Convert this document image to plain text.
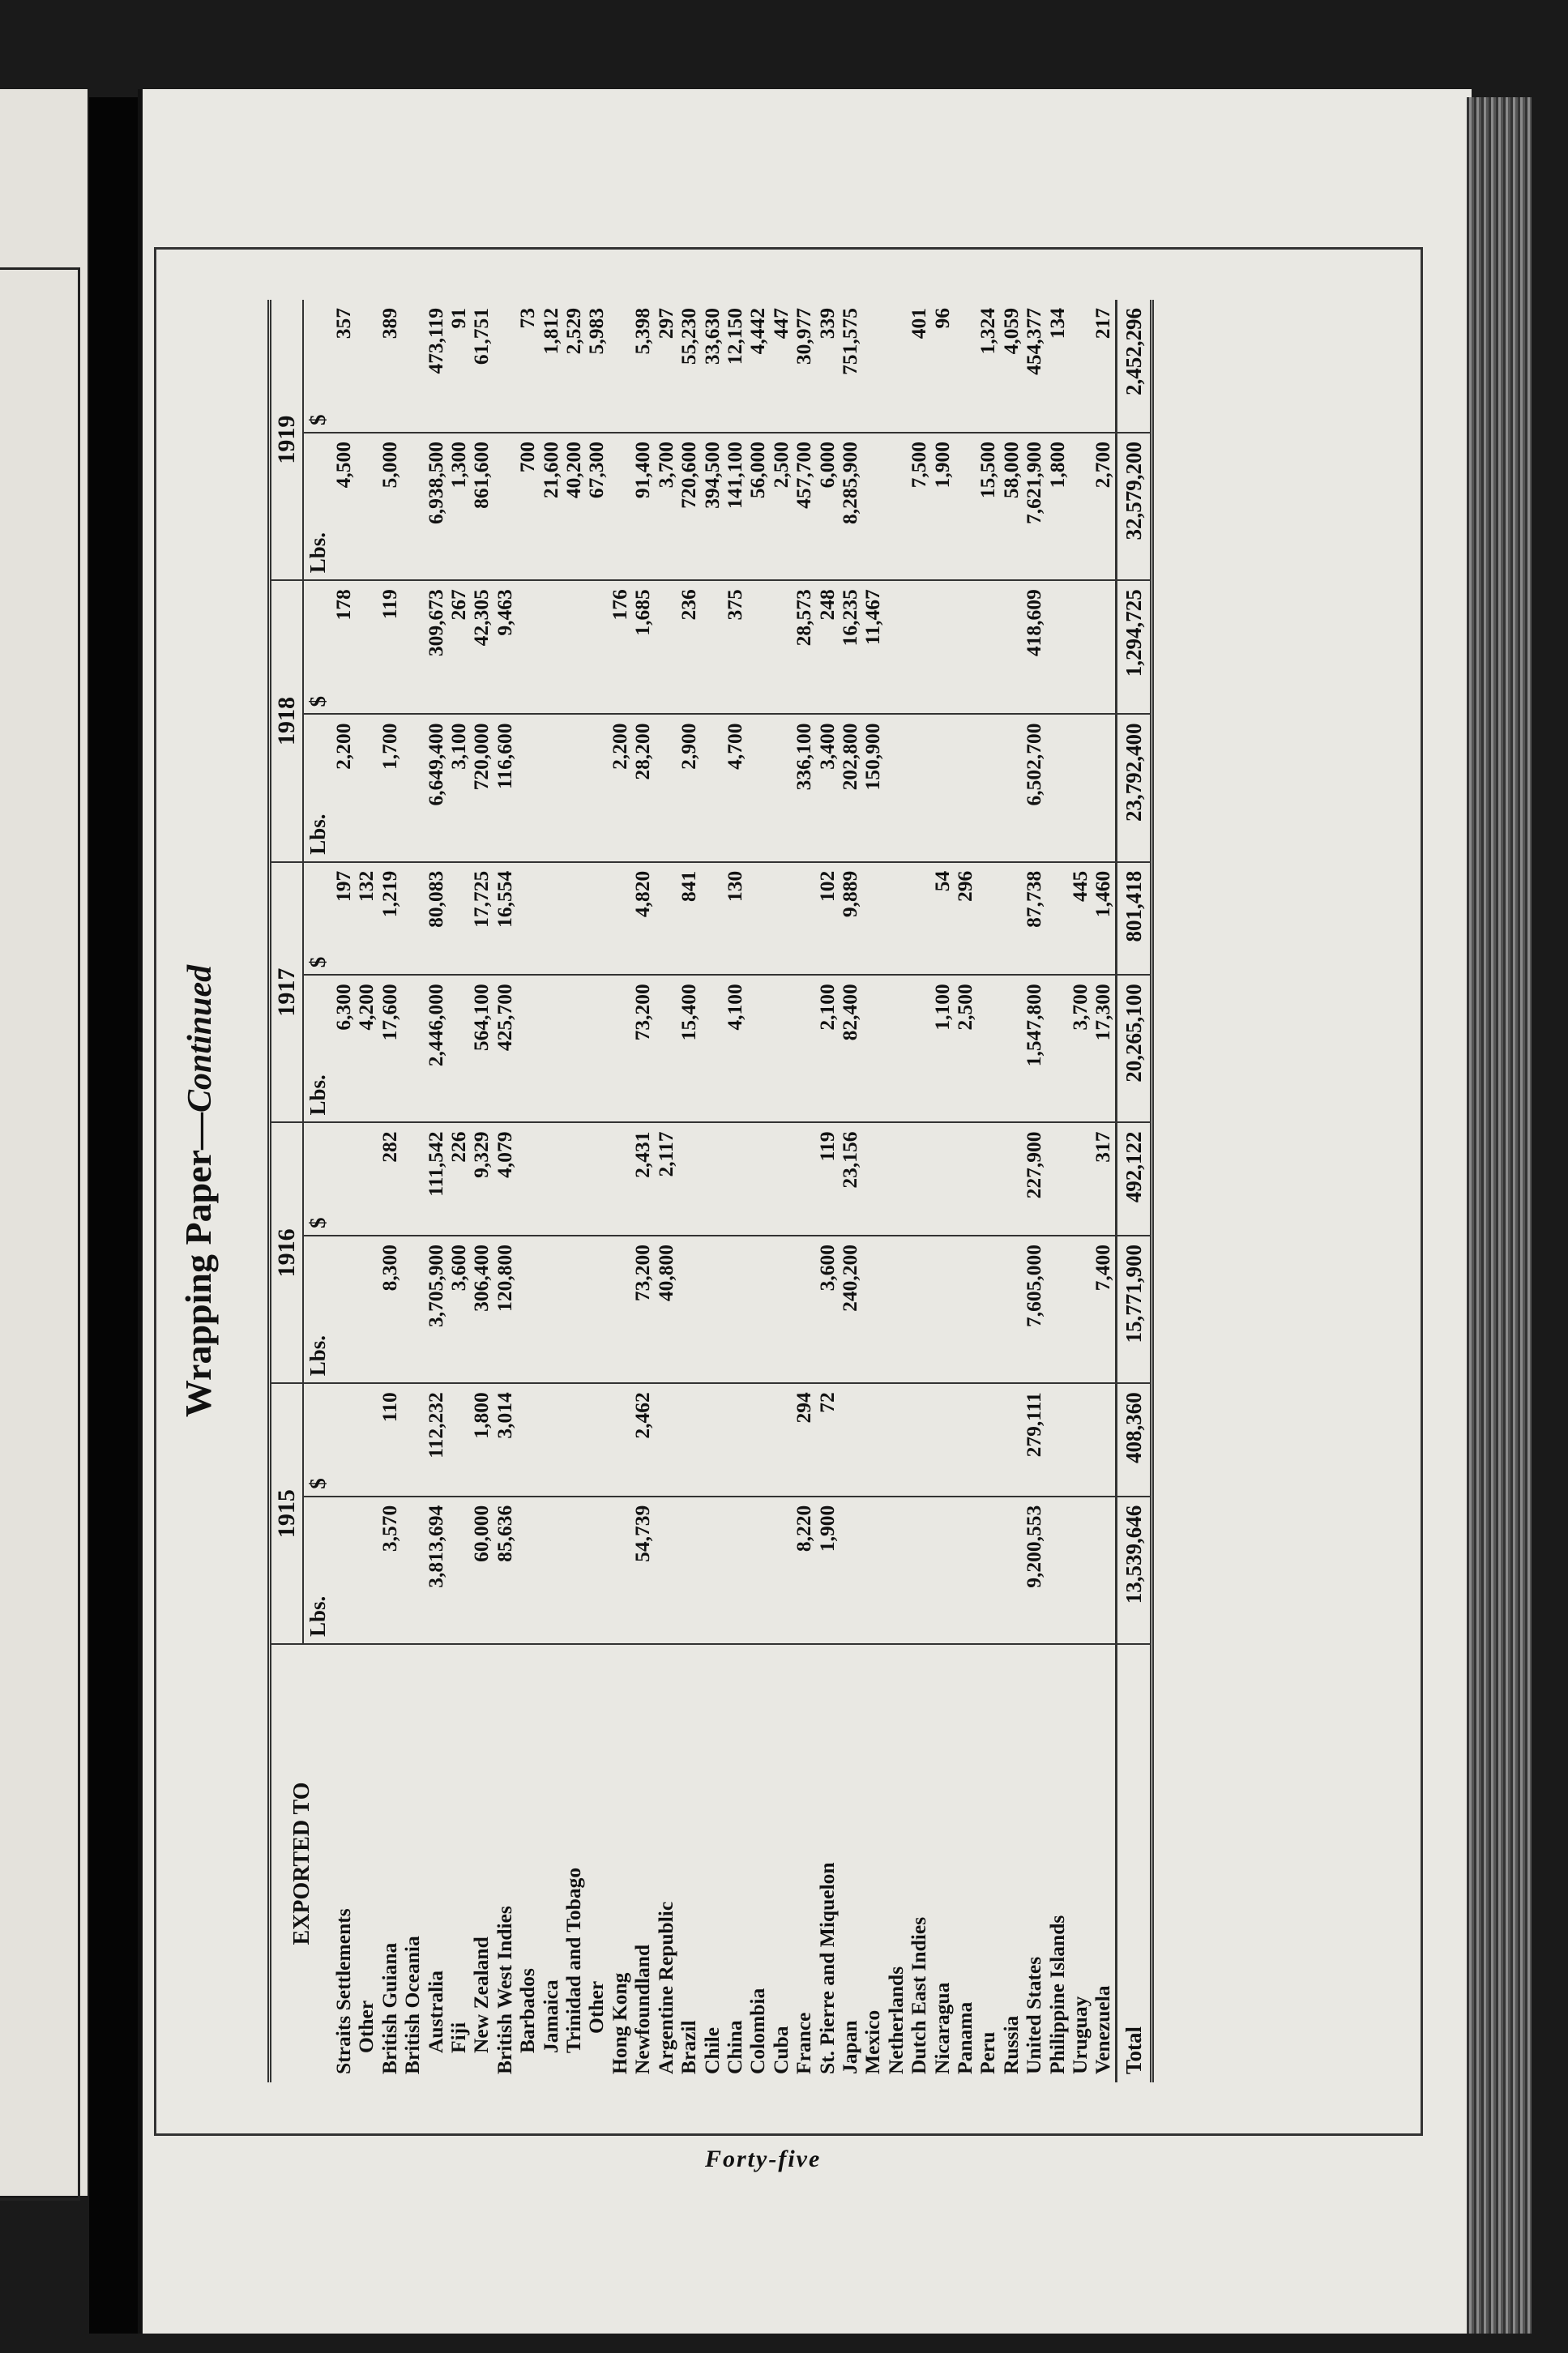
Wrapping Paper—Continued
EXPORTED TO	1915		1916		1917		1918		1919	
	Lbs.	$	Lbs.	$	Lbs.	$	Lbs.	$	Lbs.	$
Straits Settlements					6,300	197	2,200	178	4,500	357
Other					4,200	132				
British Guiana	3,570	110	8,300	282	17,600	1,219	1,700	119	5,000	389
British Oceania										
Australia	3,813,694	112,232	3,705,900	111,542	2,446,000	80,083	6,649,400	309,673	6,938,500	473,119
Fiji			3,600	226			3,100	267	1,300	91
New Zealand	60,000	1,800	306,400	9,329	564,100	17,725	720,000	42,305	861,600	61,751
British West Indies	85,636	3,014	120,800	4,079	425,700	16,554	116,600	9,463		
Barbados									700	73
Jamaica									21,600	1,812
Trinidad and Tobago									40,200	2,529
Other									67,300	5,983
Hong Kong							2,200	176		
Newfoundland	54,739	2,462	73,200	2,431	73,200	4,820	28,200	1,685	91,400	5,398
Argentine Republic			40,800	2,117					3,700	297
Brazil					15,400	841	2,900	236	720,600	55,230
Chile									394,500	33,630
China					4,100	130	4,700	375	141,100	12,150
Colombia									56,000	4,442
Cuba									2,500	447
France	8,220	294					336,100	28,573	457,700	30,977
St. Pierre and Miquelon	1,900	72	3,600	119	2,100	102	3,400	248	6,000	339
Japan			240,200	23,156	82,400	9,889	202,800	16,235	8,285,900	751,575
Mexico							150,900	11,467		
Netherlands										
Dutch East Indies									7,500	401
Nicaragua					1,100	54			1,900	96
Panama					2,500	296				
Peru									15,500	1,324
Russia									58,000	4,059
United States	9,200,553	279,111	7,605,000	227,900	1,547,800	87,738	6,502,700	418,609	7,621,900	454,377
Philippine Islands									1,800	134
Uruguay					3,700	445				
Venezuela			7,400	317	17,300	1,460			2,700	217
Total	13,539,646	408,360	15,771,900	492,122	20,265,100	801,418	23,792,400	1,294,725	32,579,200	2,452,296
Forty-five
